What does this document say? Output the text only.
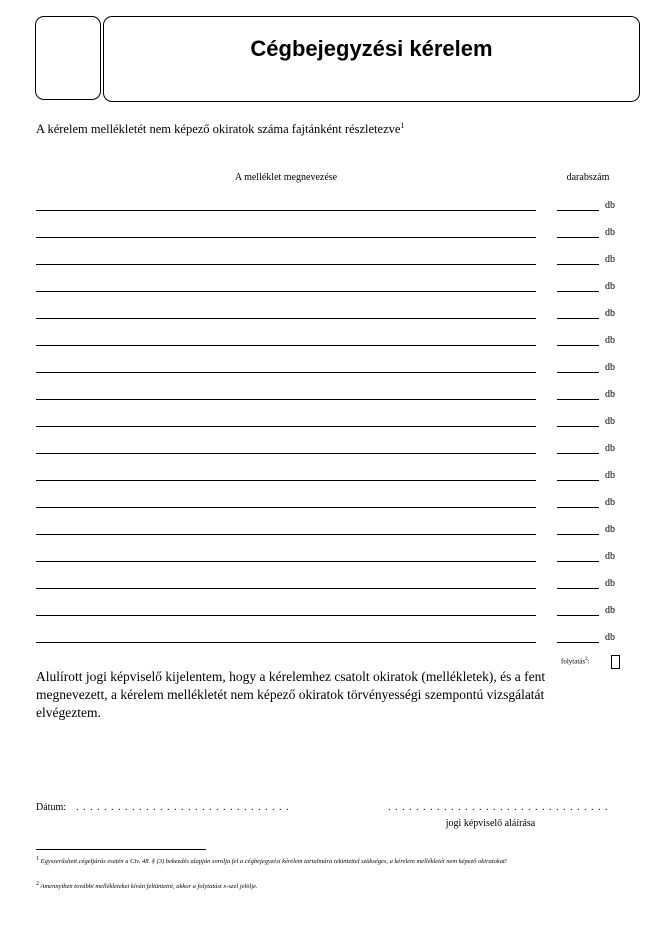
Cégbejegyzési kérelem
A kérelem mellékletét nem képező okiratok száma fajtánként részletezve$^1$
A melléklet megnevezése	darabszám
db
db
db
db
db
db
db
db
db
db
db
db
db
db
db
db
db
folytatás$^2$:
Alulírott jogi képviselő kijelentem, hogy a kérelemhez csatolt okiratok (mellékletek), és a fent megnevezett, a kérelem mellékletét nem képező okiratok törvényességi szempontú vizsgálatát elvégeztem.
Dátum: . . . . . . . . . . . . . . . . . . . . . . . . . . . . . . .	. . . . . . . . . . . . . . . . . . . . . . . . . . . . . . . .
jogi képviselő aláírása
$^1$ Egyszerűsített cégeljárás esetén a Ctv. 48. § (3) bekezdés alapján sorolja fel a cégbejegyzési kérelem tartalmára tekintettel szükséges, a kérelem mellékletét nem képező okiratokat!
$^2$ Amennyiben további mellékleteket kíván feltüntetni, akkor a folytatást x-szel jelölje.
